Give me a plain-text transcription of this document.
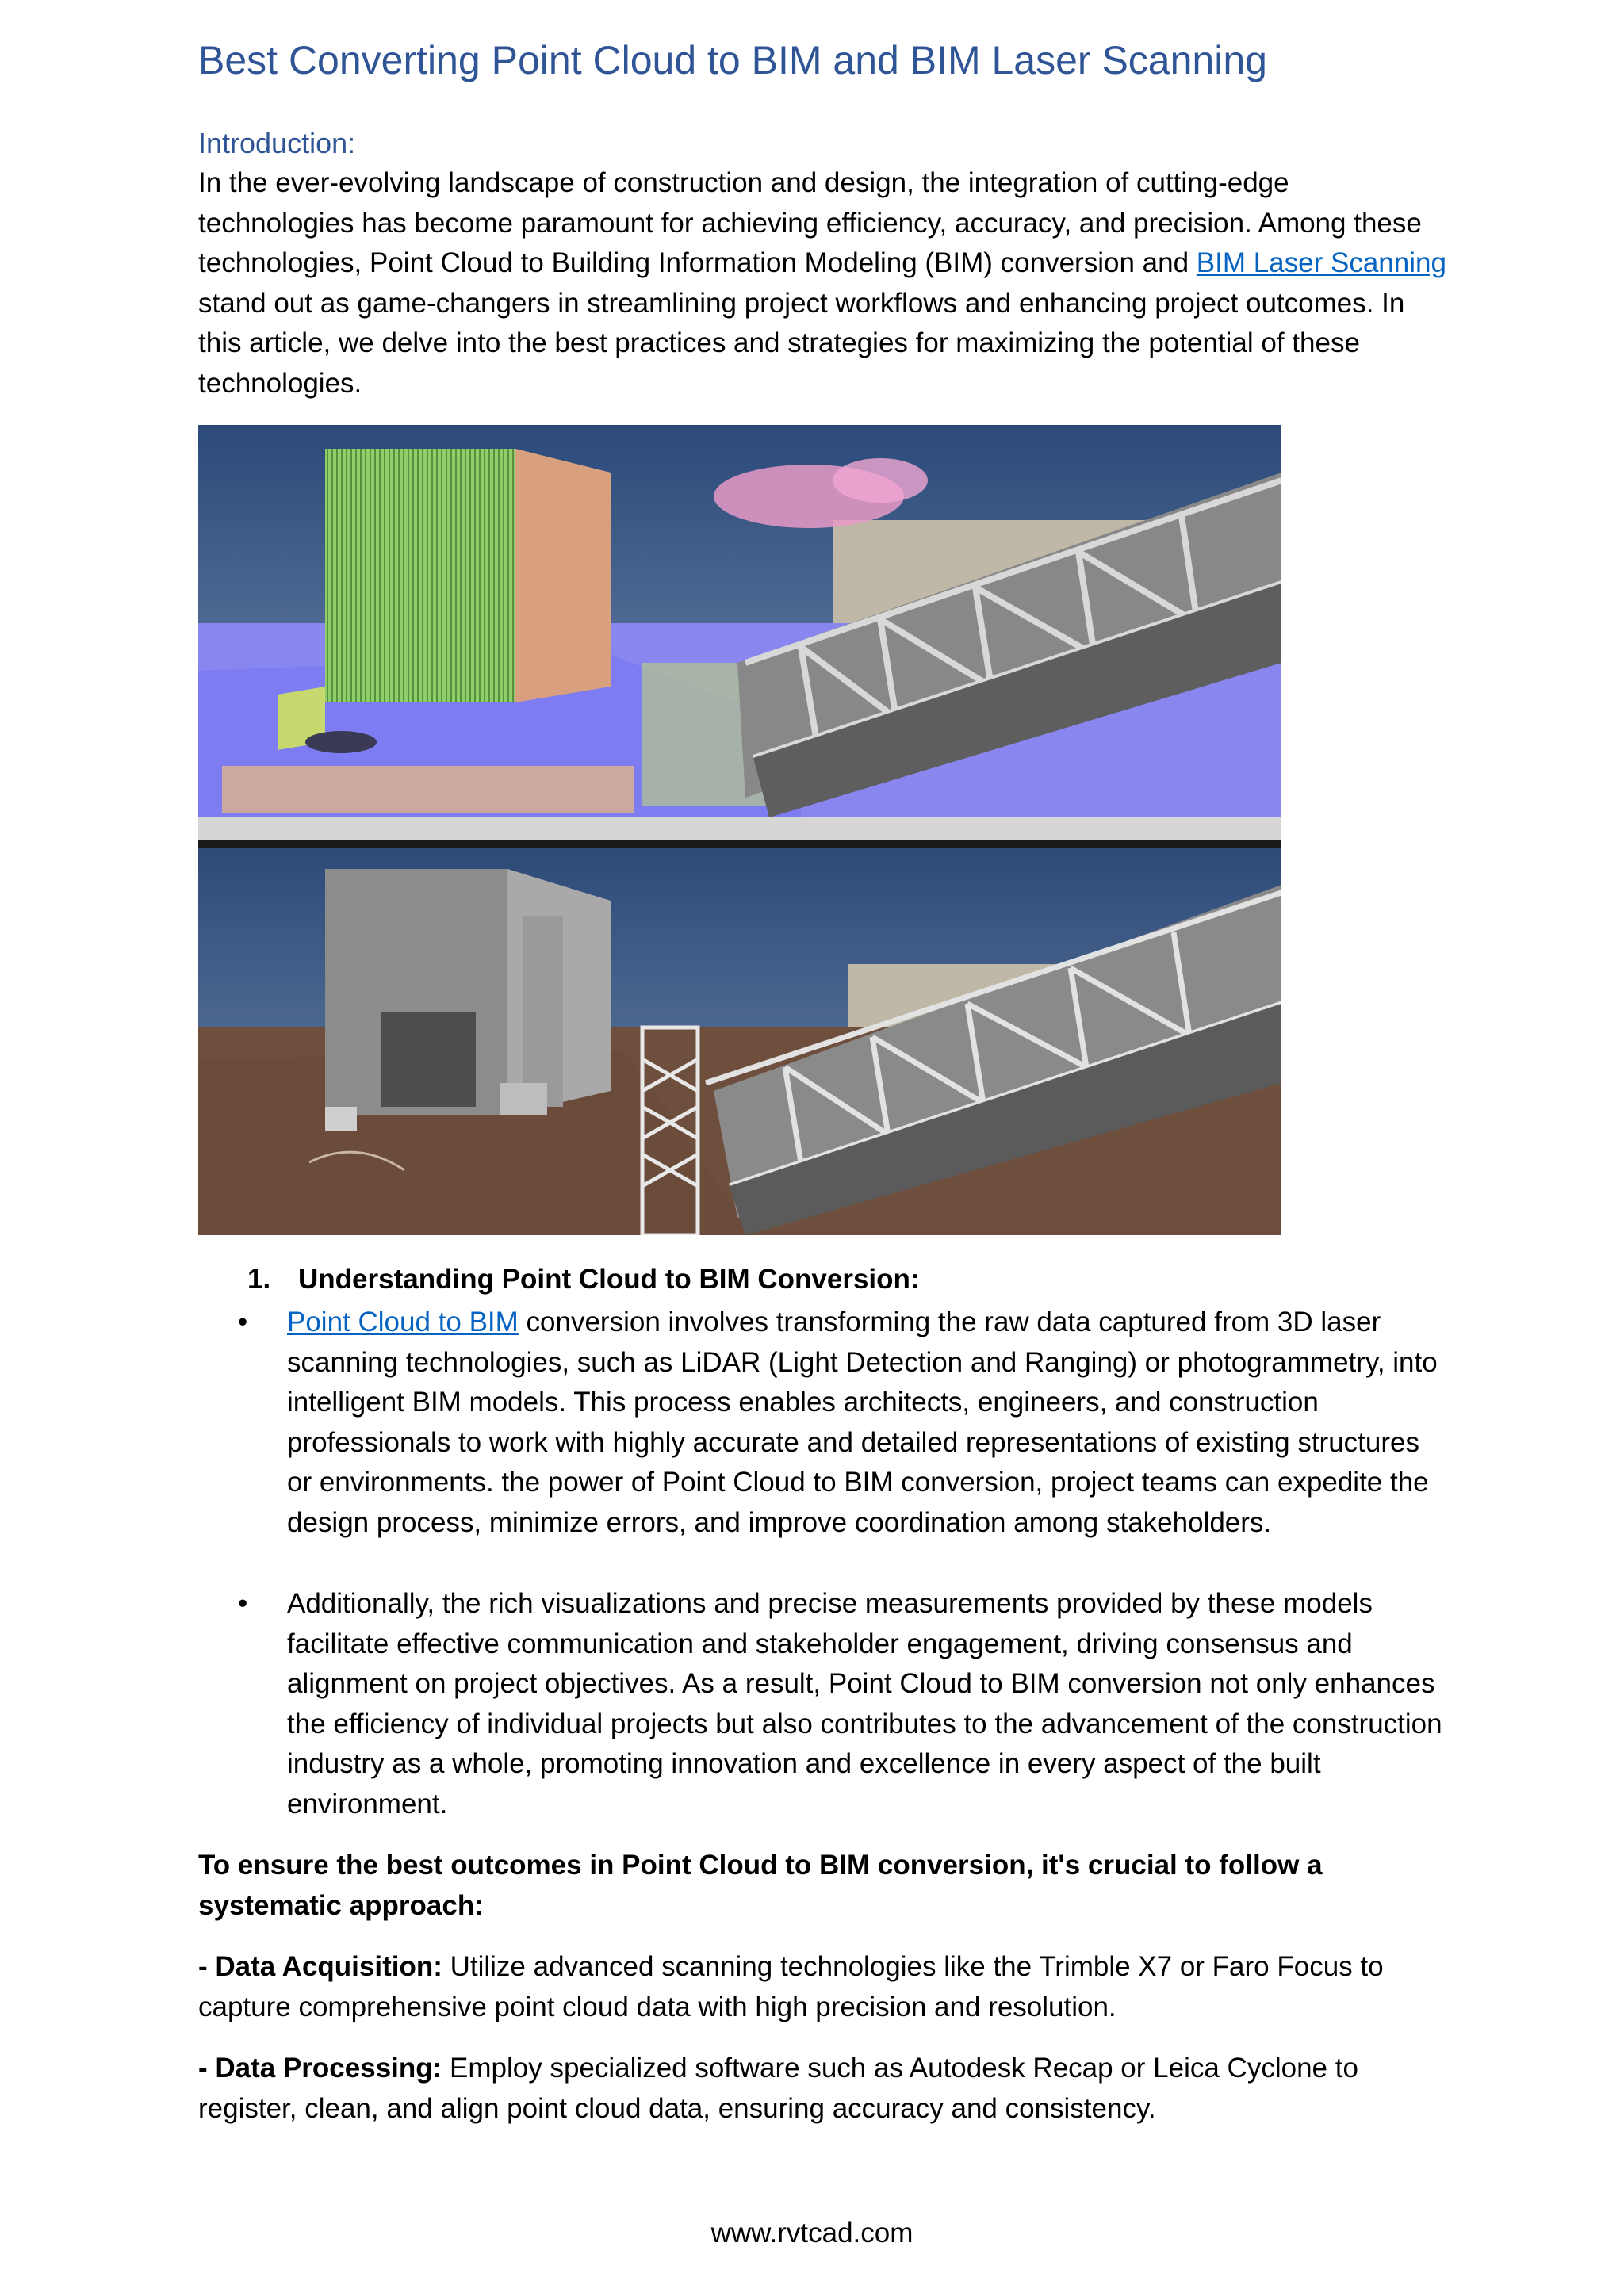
Best Converting Point Cloud to BIM and BIM Laser Scanning
Introduction:
In the ever-evolving landscape of construction and design, the integration of cutting-edge technologies has become paramount for achieving efficiency, accuracy, and precision. Among these technologies, Point Cloud to Building Information Modeling (BIM) conversion and BIM Laser Scanning stand out as game-changers in streamlining project workflows and enhancing project outcomes. In this article, we delve into the best practices and strategies for maximizing the potential of these technologies.
1. Understanding Point Cloud to BIM Conversion:
•	Point Cloud to BIM conversion involves transforming the raw data captured from 3D laser scanning technologies, such as LiDAR (Light Detection and Ranging) or photogrammetry, into intelligent BIM models. This process enables architects, engineers, and construction professionals to work with highly accurate and detailed representations of existing structures or environments. the power of Point Cloud to BIM conversion, project teams can expedite the design process, minimize errors, and improve coordination among stakeholders.
•	Additionally, the rich visualizations and precise measurements provided by these models facilitate effective communication and stakeholder engagement, driving consensus and alignment on project objectives. As a result, Point Cloud to BIM conversion not only enhances the efficiency of individual projects but also contributes to the advancement of the construction industry as a whole, promoting innovation and excellence in every aspect of the built environment.
To ensure the best outcomes in Point Cloud to BIM conversion, it's crucial to follow a systematic approach:
- Data Acquisition: Utilize advanced scanning technologies like the Trimble X7 or Faro Focus to capture comprehensive point cloud data with high precision and resolution.
- Data Processing: Employ specialized software such as Autodesk Recap or Leica Cyclone to register, clean, and align point cloud data, ensuring accuracy and consistency.
www.rvtcad.com
